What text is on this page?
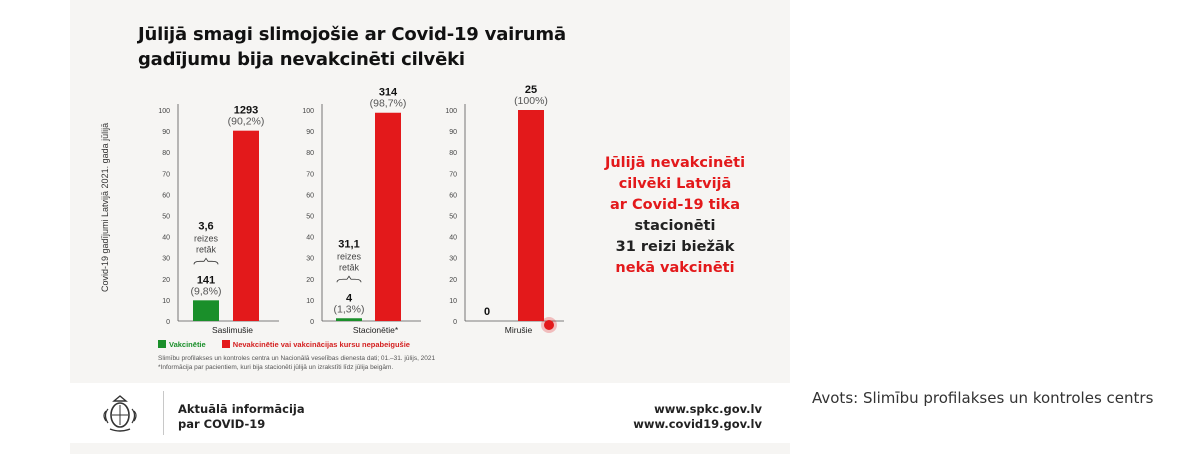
Jūlijā smagi slimojošie ar Covid-19 vairumā
gadījumu bija nevakcinēti cilvēki
Covid-19 gadījumi Latvijā 2021. gada jūlijā
0
10
20
30
40
50
60
70
80
90
100
Saslimušie
(9,8%)
141
(90,2%)
1293
retāk
reizes
3,6
0
10
20
30
40
50
60
70
80
90
100
Stacionētie*
(1,3%)
4
(98,7%)
314
retāk
reizes
31,1
0
10
20
30
40
50
60
70
80
90
100
Mirušie
0
(100%)
25
Jūlijā nevakcinēti
cilvēki Latvijā
ar Covid-19 tika
stacionēti
31 reizi biežāk
nekā vakcinēti
Vakcinētie	Nevakcinētie vai vakcinācijas kursu nepabeigušie
Slimību profilakses un kontroles centra un Nacionālā veselības dienesta dati; 01.–31. jūlijs, 2021
*Informācija par pacientiem, kuri bija stacionēti jūlijā un izrakstīti līdz jūlija beigām.
Aktuālā informācija
par COVID-19
www.spkc.gov.lv
www.covid19.gov.lv
Avots: Slimību profilakses un kontroles centrs
